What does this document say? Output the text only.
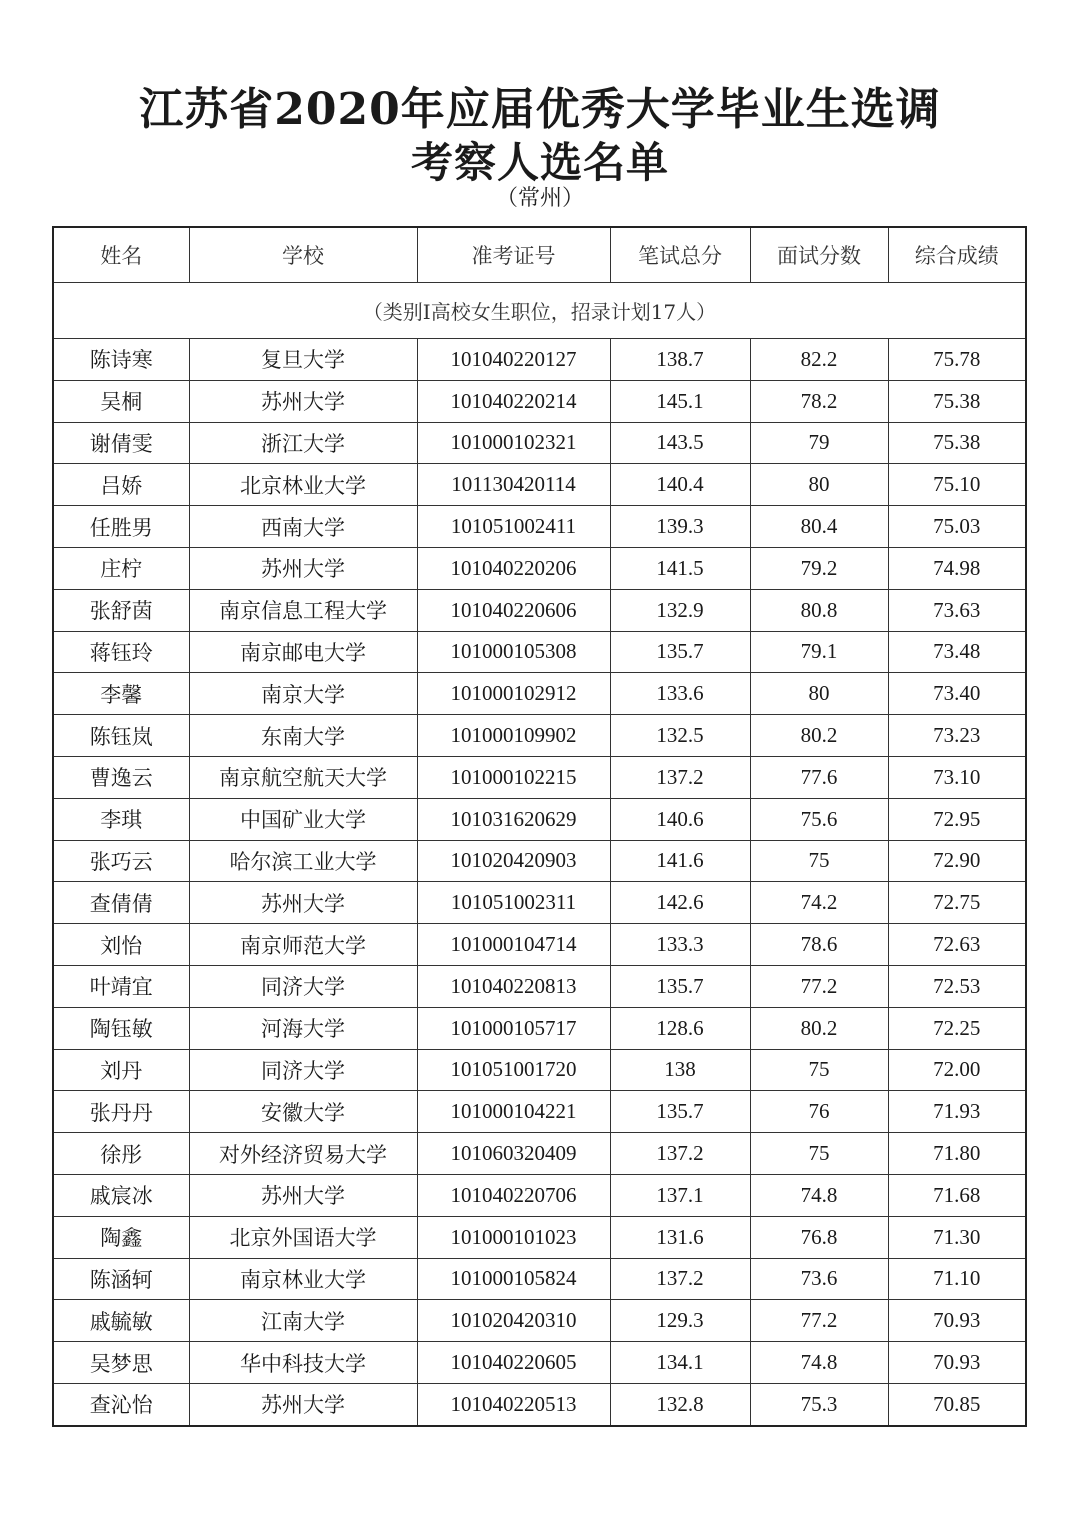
江苏省2020年应届优秀大学毕业生选调
考察人选名单
（常州）
姓名	学校	准考证号	笔试总分	面试分数	综合成绩
（类别I高校女生职位，招录计划17人）					
陈诗寒	复旦大学	101040220127	138.7	82.2	75.78
吴桐	苏州大学	101040220214	145.1	78.2	75.38
谢倩雯	浙江大学	101000102321	143.5	79	75.38
吕娇	北京林业大学	101130420114	140.4	80	75.10
任胜男	西南大学	101051002411	139.3	80.4	75.03
庄柠	苏州大学	101040220206	141.5	79.2	74.98
张舒茵	南京信息工程大学	101040220606	132.9	80.8	73.63
蒋钰玲	南京邮电大学	101000105308	135.7	79.1	73.48
李馨	南京大学	101000102912	133.6	80	73.40
陈钰岚	东南大学	101000109902	132.5	80.2	73.23
曹逸云	南京航空航天大学	101000102215	137.2	77.6	73.10
李琪	中国矿业大学	101031620629	140.6	75.6	72.95
张巧云	哈尔滨工业大学	101020420903	141.6	75	72.90
查倩倩	苏州大学	101051002311	142.6	74.2	72.75
刘怡	南京师范大学	101000104714	133.3	78.6	72.63
叶靖宜	同济大学	101040220813	135.7	77.2	72.53
陶钰敏	河海大学	101000105717	128.6	80.2	72.25
刘丹	同济大学	101051001720	138	75	72.00
张丹丹	安徽大学	101000104221	135.7	76	71.93
徐彤	对外经济贸易大学	101060320409	137.2	75	71.80
戚宸冰	苏州大学	101040220706	137.1	74.8	71.68
陶鑫	北京外国语大学	101000101023	131.6	76.8	71.30
陈涵轲	南京林业大学	101000105824	137.2	73.6	71.10
戚毓敏	江南大学	101020420310	129.3	77.2	70.93
吴梦思	华中科技大学	101040220605	134.1	74.8	70.93
查沁怡	苏州大学	101040220513	132.8	75.3	70.85
